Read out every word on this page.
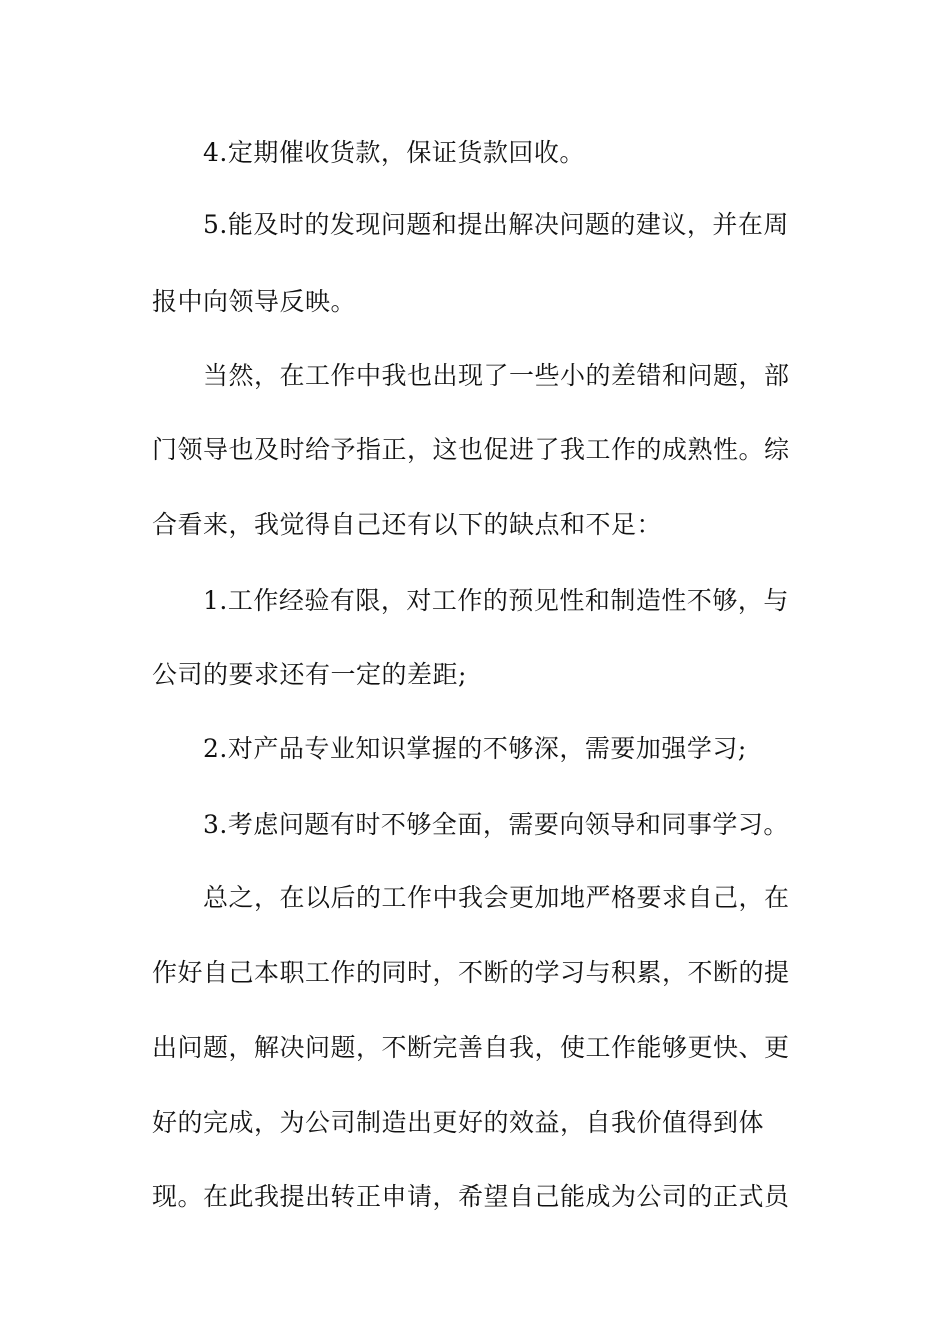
4.定期催收货款，保证货款回收。
5.能及时的发现问题和提出解决问题的建议，并在周
报中向领导反映。
当然，在工作中我也出现了一些小的差错和问题，部
门领导也及时给予指正，这也促进了我工作的成熟性。综
合看来，我觉得自己还有以下的缺点和不足：
1.工作经验有限，对工作的预见性和制造性不够，与
公司的要求还有一定的差距;
2.对产品专业知识掌握的不够深，需要加强学习;
3.考虑问题有时不够全面，需要向领导和同事学习。
总之，在以后的工作中我会更加地严格要求自己，在
作好自己本职工作的同时，不断的学习与积累，不断的提
出问题，解决问题，不断完善自我，使工作能够更快、更
好的完成，为公司制造出更好的效益，自我价值得到体
现。在此我提出转正申请，希望自己能成为公司的正式员
